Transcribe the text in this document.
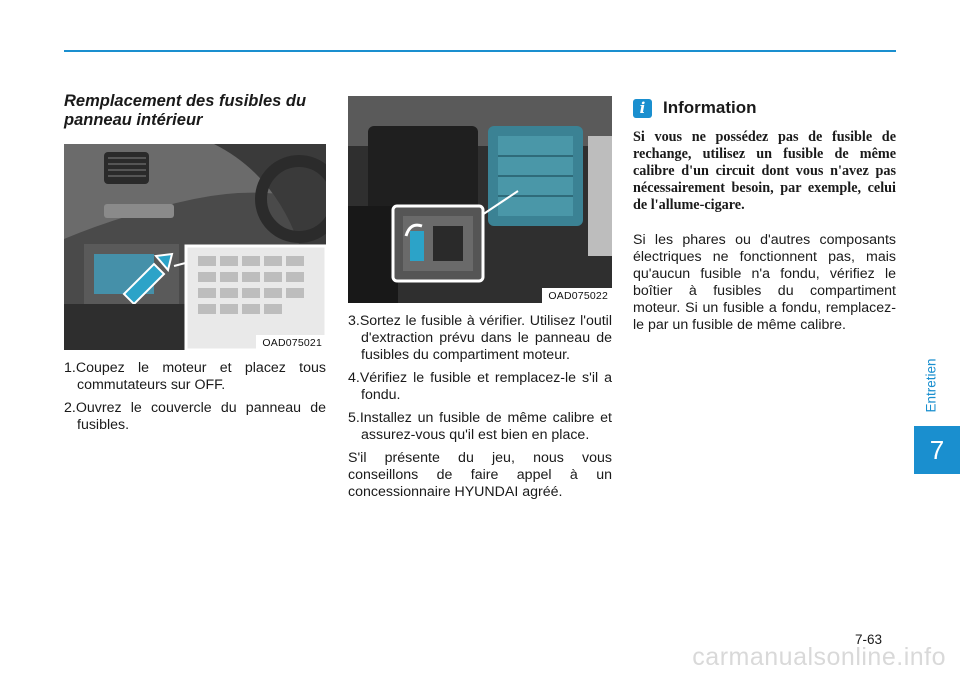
Remplacement des fusibles du panneau intérieur
OAD075021
1.Coupez le moteur et placez tous commutateurs sur OFF.
2.Ouvrez le couvercle du panneau de fusibles.
OAD075022
3.Sortez le fusible à vérifier. Utilisez l'outil d'extraction prévu dans le panneau de fusibles du compartiment moteur.
4.Vérifiez le fusible et remplacez-le s'il a fondu.
5.Installez un fusible de même calibre et assurez-vous qu'il est bien en place.

S'il présente du jeu, nous vous conseillons de faire appel à un concessionnaire HYUNDAI agréé.

i	Information

Si vous ne possédez pas de fusible de rechange, utilisez un fusible de même calibre d'un circuit dont vous n'avez pas nécessairement besoin, par exemple, celui de l'allume-cigare.

Si les phares ou d'autres composants électriques ne fonctionnent pas, mais qu'aucun fusible n'a fondu, vérifiez le boîtier à fusibles du compartiment moteur. Si un fusible a fondu, remplacez-le par un fusible de même calibre.

Entretien
7
7-63
carmanualsonline.info
